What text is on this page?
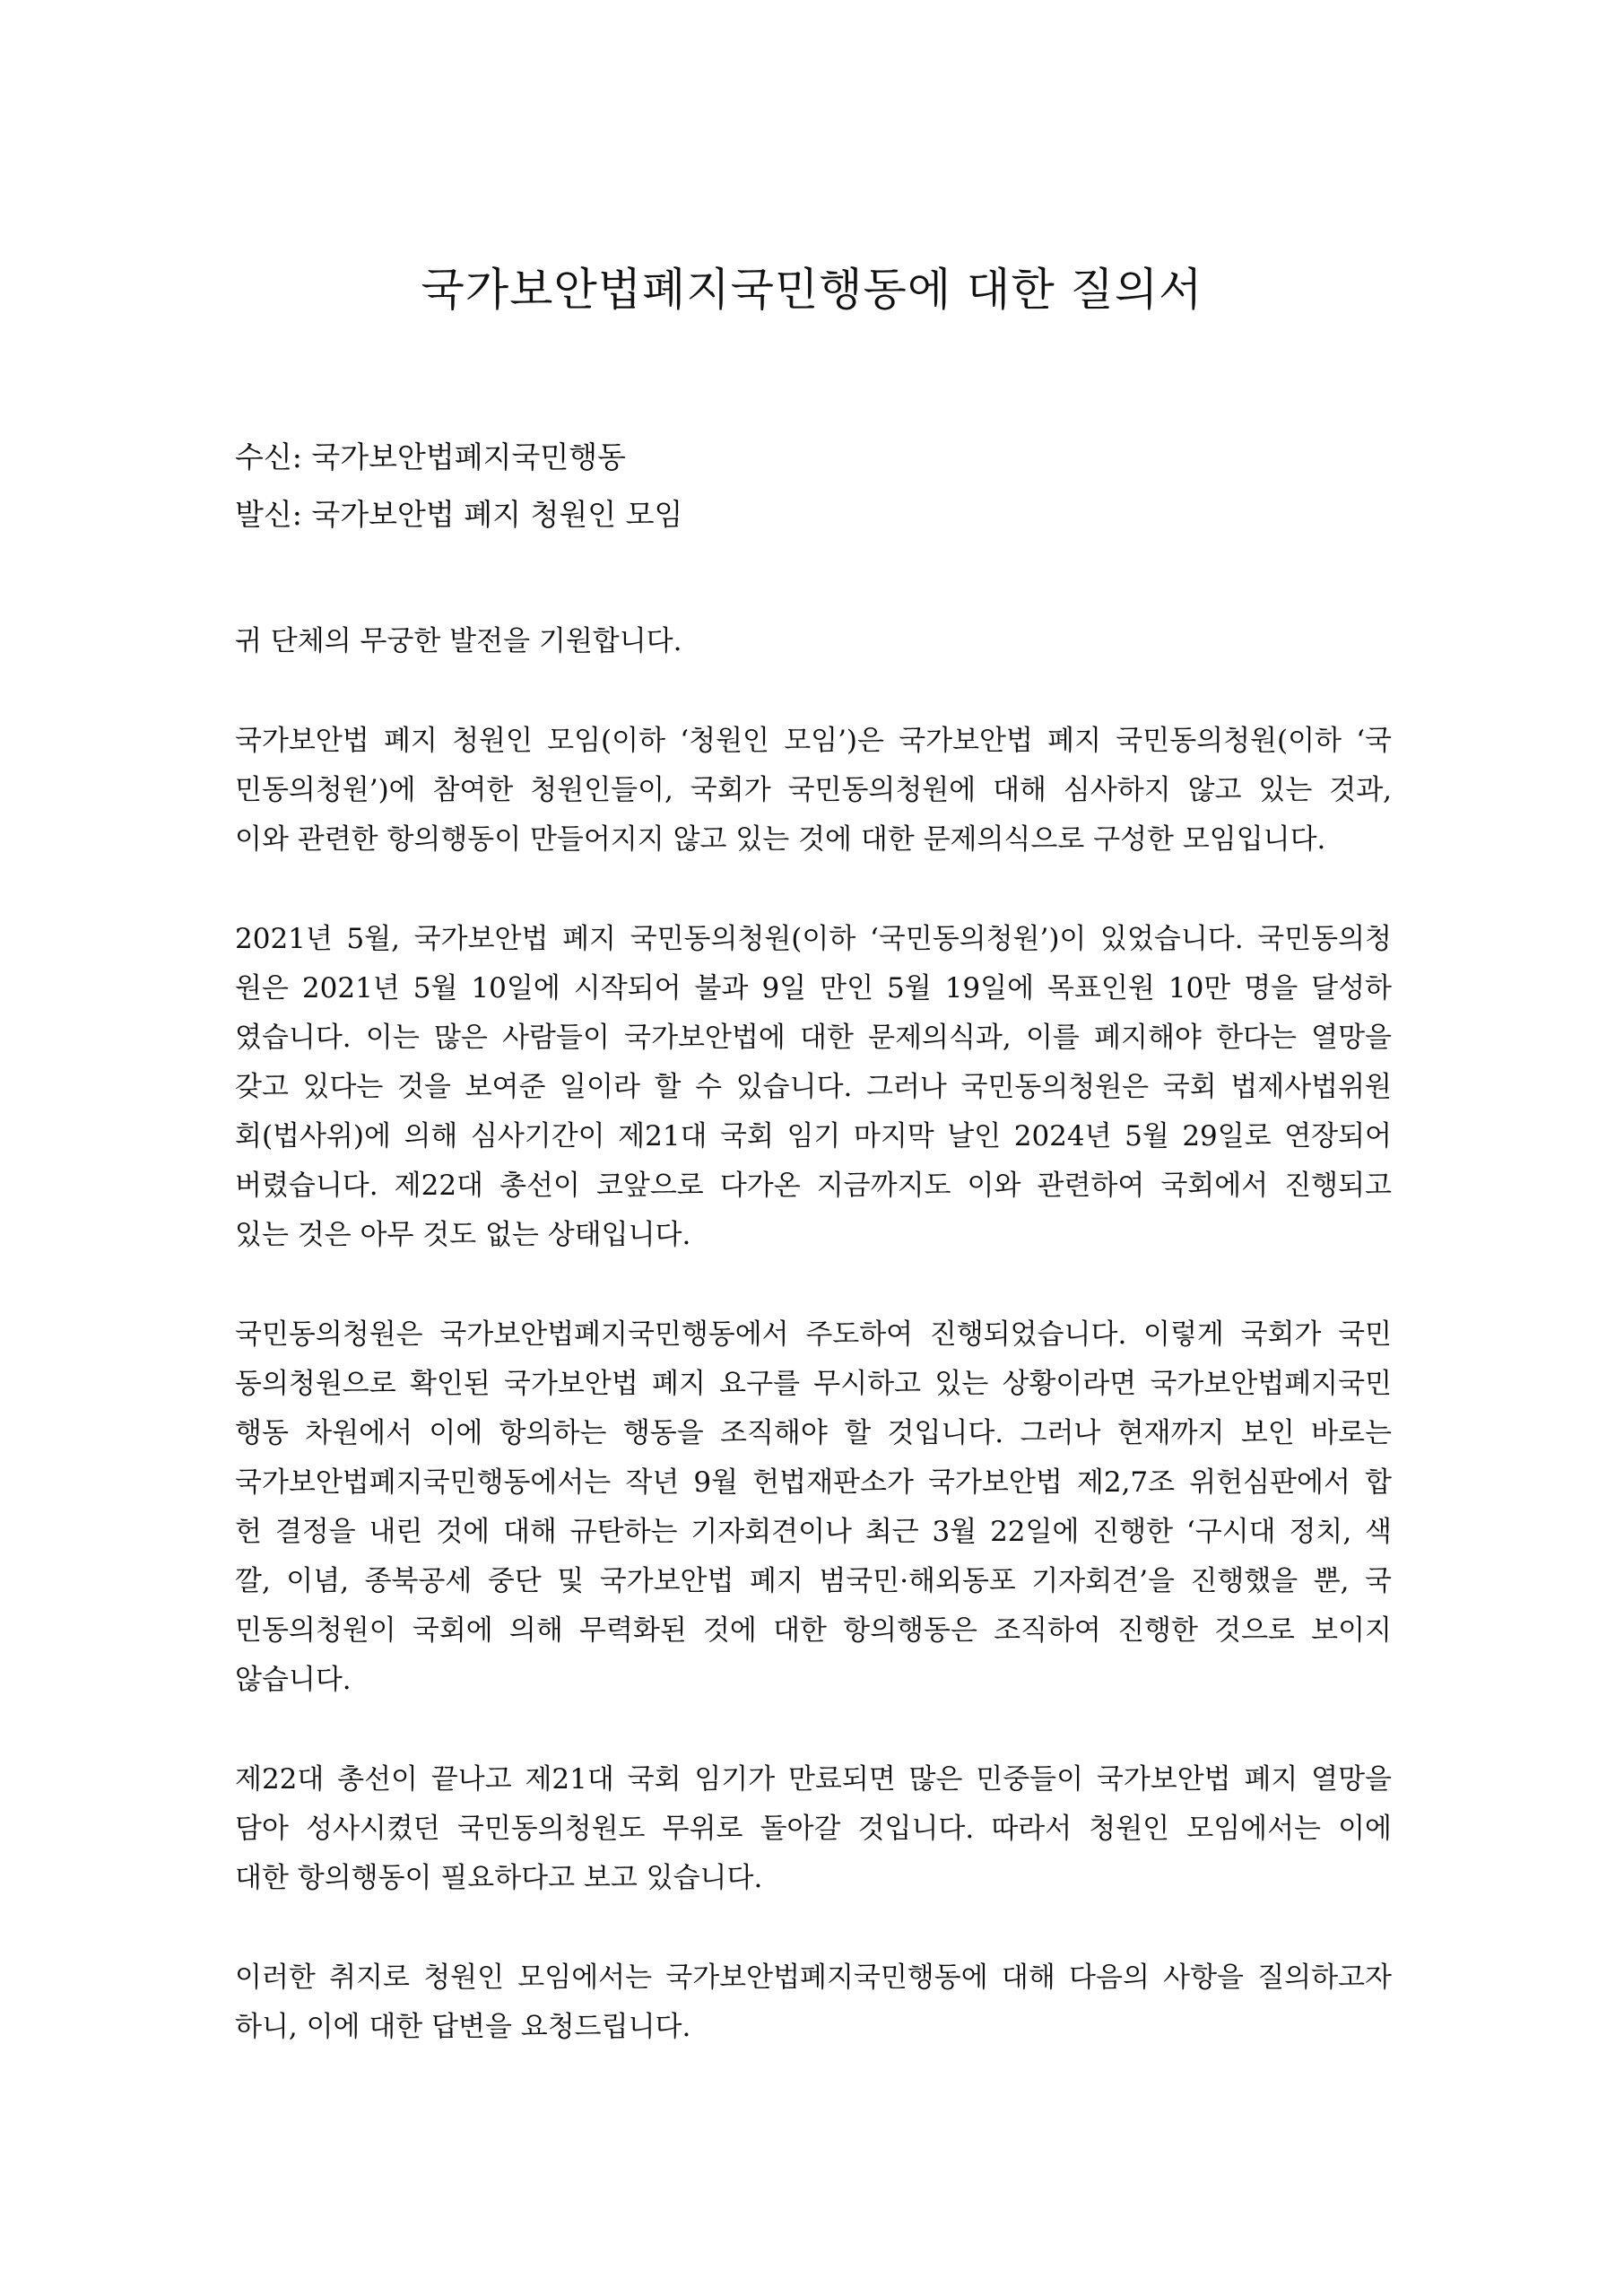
국가보안법폐지국민행동에 대한 질의서
수신: 국가보안법폐지국민행동
발신: 국가보안법 폐지 청원인 모임
귀 단체의 무궁한 발전을 기원합니다.
국가보안법 폐지 청원인 모임(이하 ‘청원인 모임’)은 국가보안법 폐지 국민동의청원(이하 ‘국
민동의청원’)에 참여한 청원인들이, 국회가 국민동의청원에 대해 심사하지 않고 있는 것과,
이와 관련한 항의행동이 만들어지지 않고 있는 것에 대한 문제의식으로 구성한 모임입니다.
2021년 5월, 국가보안법 폐지 국민동의청원(이하 ‘국민동의청원’)이 있었습니다. 국민동의청
원은 2021년 5월 10일에 시작되어 불과 9일 만인 5월 19일에 목표인원 10만 명을 달성하
였습니다. 이는 많은 사람들이 국가보안법에 대한 문제의식과, 이를 폐지해야 한다는 열망을
갖고 있다는 것을 보여준 일이라 할 수 있습니다. 그러나 국민동의청원은 국회 법제사법위원
회(법사위)에 의해 심사기간이 제21대 국회 임기 마지막 날인 2024년 5월 29일로 연장되어
버렸습니다. 제22대 총선이 코앞으로 다가온 지금까지도 이와 관련하여 국회에서 진행되고
있는 것은 아무 것도 없는 상태입니다.
국민동의청원은 국가보안법폐지국민행동에서 주도하여 진행되었습니다. 이렇게 국회가 국민
동의청원으로 확인된 국가보안법 폐지 요구를 무시하고 있는 상황이라면 국가보안법폐지국민
행동 차원에서 이에 항의하는 행동을 조직해야 할 것입니다. 그러나 현재까지 보인 바로는
국가보안법폐지국민행동에서는 작년 9월 헌법재판소가 국가보안법 제2,7조 위헌심판에서 합
헌 결정을 내린 것에 대해 규탄하는 기자회견이나 최근 3월 22일에 진행한 ‘구시대 정치, 색
깔, 이념, 종북공세 중단 및 국가보안법 폐지 범국민·해외동포 기자회견’을 진행했을 뿐, 국
민동의청원이 국회에 의해 무력화된 것에 대한 항의행동은 조직하여 진행한 것으로 보이지
않습니다.
제22대 총선이 끝나고 제21대 국회 임기가 만료되면 많은 민중들이 국가보안법 폐지 열망을
담아 성사시켰던 국민동의청원도 무위로 돌아갈 것입니다. 따라서 청원인 모임에서는 이에
대한 항의행동이 필요하다고 보고 있습니다.
이러한 취지로 청원인 모임에서는 국가보안법폐지국민행동에 대해 다음의 사항을 질의하고자
하니, 이에 대한 답변을 요청드립니다.
